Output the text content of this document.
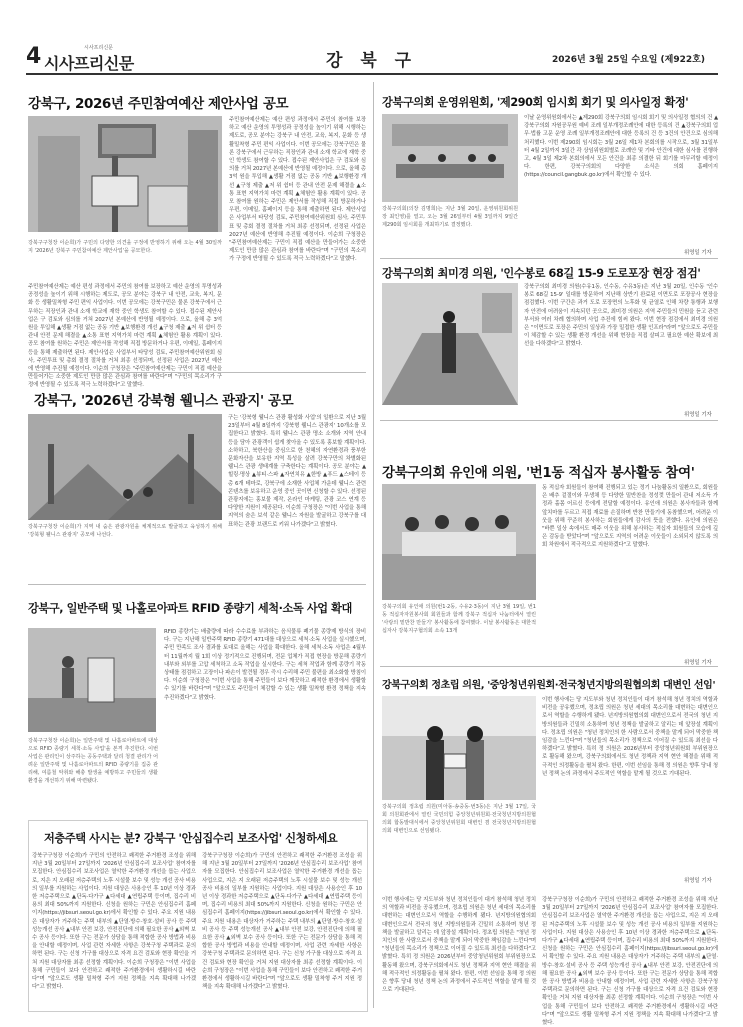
4	시사프리신문
시사프리신문	강 북 구	2026년 3월 25일 수요일 (제922호)
강북구, 2026년 주민참여예산 제안사업 공모
강북구구청장 이순희)가 구민의 다양한 의견을 구정에 반영하기 위해 오는 4월 30일까지 '2026년 강북구 주민참여예산 제안사업'을 공모한다.
주민참여예산제는 예산 편성 과정에서 주민의 참여를 보장하고 예산 운영의 투명성과 공정성을 높이기 위해 시행하는 제도로, 공모 분야는 강북구 내 안전, 교육, 복지, 문화 등 생활밀착형 주민 편익 사업이다. 이번 공모에는 강북구민은 물론 강북구에서 근무하는 직장인과 관내 소재 학교에 재학 중인 학생도 참여할 수 있다. 접수된 제안사업은 구 검토와 심의를 거쳐 2027년 본예산에 반영될 예정이다. 으로, 올해 총 3억 원을 투입해 ▲생활 거점 없는 공동 기반 ▲보행환경 개선 ▲구청 제출 ▲저 위 쉼터 등 관내 안전 문제 해결을 ▲소통 표현 지역가치 마련 계획 ▲체험안 활용 계획이 있다. 공모 참여를 원하는 주민은 제안서를 작성해 직접 방문하거나 우편, 이메일, 홈페이지 등을 통해 제출하면 된다. 제안사업은 사업부서 타당성 검토, 주민참여예산위원회 심사, 주민투표 및 총회 결정 절차를 거쳐 최종 선정되며, 선정된 사업은 2027년 예산에 반영해 추진될 예정이다. 이순희 구청장은 "주민참여예산제는 구민이 직접 예산을 만들어가는 소중한 제도인 만큼 많은 관심과 참여를 바란다"며 "구민의 목소리가 구정에 반영될 수 있도록 적극 노력하겠다"고 말했다.
주민참여예산제는 예산 편성 과정에서 주민의 참여를 보장하고 예산 운영의 투명성과 공정성을 높이기 위해 시행하는 제도로, 공모 분야는 강북구 내 안전, 교육, 복지, 문화 등 생활밀착형 주민 편익 사업이다. 이번 공모에는 강북구민은 물론 강북구에서 근무하는 직장인과 관내 소재 학교에 재학 중인 학생도 참여할 수 있다. 접수된 제안사업은 구 검토와 심의를 거쳐 2027년 본예산에 반영될 예정이다. 으로, 올해 총 3억 원을 투입해 ▲생활 거점 없는 공동 기반 ▲보행환경 개선 ▲구청 제출 ▲저 위 쉼터 등 관내 안전 문제 해결을 ▲소통 표현 지역가치 마련 계획 ▲체험안 활용 계획이 있다. 공모 참여를 원하는 주민은 제안서를 작성해 직접 방문하거나 우편, 이메일, 홈페이지 등을 통해 제출하면 된다. 제안사업은 사업부서 타당성 검토, 주민참여예산위원회 심사, 주민투표 및 총회 결정 절차를 거쳐 최종 선정되며, 선정된 사업은 2027년 예산에 반영해 추진될 예정이다. 이순희 구청장은 "주민참여예산제는 구민이 직접 예산을 만들어가는 소중한 제도인 만큼 많은 관심과 참여를 바란다"며 "구민의 목소리가 구정에 반영될 수 있도록 적극 노력하겠다"고 말했다.
강북구, '2026년 강북형 웰니스 관광지' 공모
강북구구청장 이순희)가 지역 내 숨은 관광자원을 체계적으로 발굴하고 육성하기 위해 '강북형 웰니스 관광지' 공모에 나선다.
구는 '강북형 웰니스 관광 활성화 사업'의 일환으로 지난 3월 23일부터 4월 8일까지 '강북형 웰니스 관광지' 10개소를 모집한다고 밝혔다. 특히 웰니스 관광 명소 소개와 지역 안내 등을 담아 관광객이 쉽게 찾아올 수 있도록 홍보할 계획이다. 소하하고, 북한산을 중심으로 한 천혜의 자연환경과 풍부한 문화자산을 보유한 지역 특성을 살려 강북구만의 차별화된 웰니스 관광 생태계를 구축한다는 계획이다. 공모 분야는 ▲힐링·명상 ▲뷰티·스파 ▲자연치유 ▲한방 ▲푸드 ▲스테이 등 총 6개 테마로, 강북구에 소재한 사업체 가운데 웰니스 관련 콘텐츠를 보유하고 운영 중인 곳이면 신청할 수 있다. 선정된 관광지에는 홍보물 제작, 온라인 마케팅, 관광 코스 연계 등 다양한 지원이 제공된다. 이순희 구청장은 "이번 사업을 통해 지역의 숨은 보석 같은 웰니스 자원을 발굴하고 강북구를 대표하는 관광 브랜드로 키워 나가겠다"고 밝혔다.
강북구, 일반주택 및 나홀로아파트 RFID 종량기 세척·소독 사업 확대
강북구구청장 이순희)는 일반주택 및 나홀로아파트에 대상으로 RFID 종량기 세척·소독 사업'을 본격 추진한다. 이번 사업은 관리인이 상주하는 공동주택과 달리 청결 관리가 어려운 일반주택 및 나홀로아파트의 RFID 종량기를 집중 관리해, 여름철 악취와 해충 발생을 예방하고 주민들의 생활 환경을 개선하기 위해 마련됐다.
RFID 종량기는 배출량에 따라 수수료를 부과하는 음식물류 폐기물 종량제 방식의 장비다. 구는 지난해 일반주택 RFID 종량기 471대를 대상으로 세척·소독 사업을 실시했으며, 주민 만족도 조사 결과를 토대로 올해는 사업을 확대한다. 올해 세척·소독 사업은 4월부터 11월까지 월 1회 이상 정기적으로 진행되며, 전문 업체가 직접 현장을 방문해 종량기 내부와 외부를 고압 세척하고 소독 작업을 실시한다. 구는 세척 작업과 함께 종량기 작동 상태를 점검하고 고장이나 파손이 발견될 경우 즉시 수리해 주민 불편을 최소화할 방침이다. 이순희 구청장은 "이번 사업을 통해 주민들이 보다 깨끗하고 쾌적한 환경에서 생활할 수 있기를 바란다"며 "앞으로도 주민들이 체감할 수 있는 생활 밀착형 환경 정책을 지속 추진하겠다"고 밝혔다.
저층주택 사시는 분? 강북구 '안심집수리 보조사업' 신청하세요
강북구구청장 이순희)가 구민의 안전하고 쾌적한 주거환경 조성을 위해 지난 3월 20일부터 27일까지 '2026년 안심집수리 보조사업' 참여자를 모집한다. 안심집수리 보조사업은 열악한 주거환경 개선을 돕는 사업으로, 지은 지 오래된 저층주택의 노후 시설물 보수 및 성능 개선 공사 비용의 일부를 지원하는 사업이다. 지원 대상은 사용승인 후 10년 이상 경과한 저층주택으로 ▲단독·다가구 ▲다세대 ▲연립주택 등이며, 집수리 비용의 최대 50%까지 지원한다. 신청을 원하는 구민은 안심집수리 홈페이지(https://jibsuri.seoul.go.kr)에서 확인할 수 있다. 주요 지원 내용은 대상자가 거주하는 주택 내부의 ▲단열·방수·창호·설비 공사 등 주택 성능개선 공사 ▲내부 안전 보강, 안전진단에 의해 필요한 공사 ▲외벽 보수 공사 등이다. 또한 구는 전문가 상담을 통해 적합한 공사 방법과 비용을 안내할 예정이며, 사업 관련 자세한 사항은 강북구청 주택과로 문의하면 된다. 구는 신청 가구를 대상으로 자격 요건 검토와 현장 확인을 거쳐 지원 대상자를 최종 선정할 계획이다. 이순희 구청장은 "이번 사업을 통해 구민들이 보다 안전하고 쾌적한 주거환경에서 생활하시길 바란다"며 "앞으로도 생활 밀착형 주거 지원 정책을 지속 확대해 나가겠다"고 밝혔다.
강북구구청장 이순희)가 구민의 안전하고 쾌적한 주거환경 조성을 위해 지난 3월 20일부터 27일까지 '2026년 안심집수리 보조사업' 참여자를 모집한다. 안심집수리 보조사업은 열악한 주거환경 개선을 돕는 사업으로, 지은 지 오래된 저층주택의 노후 시설물 보수 및 성능 개선 공사 비용의 일부를 지원하는 사업이다. 지원 대상은 사용승인 후 10년 이상 경과한 저층주택으로 ▲단독·다가구 ▲다세대 ▲연립주택 등이며, 집수리 비용의 최대 50%까지 지원한다. 신청을 원하는 구민은 안심집수리 홈페이지(https://jibsuri.seoul.go.kr)에서 확인할 수 있다. 주요 지원 내용은 대상자가 거주하는 주택 내부의 ▲단열·방수·창호·설비 공사 등 주택 성능개선 공사 ▲내부 안전 보강, 안전진단에 의해 필요한 공사 ▲외벽 보수 공사 등이다. 또한 구는 전문가 상담을 통해 적합한 공사 방법과 비용을 안내할 예정이며, 사업 관련 자세한 사항은 강북구청 주택과로 문의하면 된다. 구는 신청 가구를 대상으로 자격 요건 검토와 현장 확인을 거쳐 지원 대상자를 최종 선정할 계획이다. 이순희 구청장은 "이번 사업을 통해 구민들이 보다 안전하고 쾌적한 주거환경에서 생활하시길 바란다"며 "앞으로도 생활 밀착형 주거 지원 정책을 지속 확대해 나가겠다"고 밝혔다.
강북구의회 운영위원회, '제290회 임시회 회기 및 의사일정 확정'
강북구의회(의장 김명희)는 지난 3월 20일, 운영위원회위원장 최인영)를 열고, 오는 3월 26일부터 4월 3일까지 9일간 제290회 임시회를 개최하기로 결정했다.
이날 운영위원회에서는 ▲제290회 강북구의회 임시회 회기 및 의사일정 협의의 건 ▲강북구의회 자원공무원 예비 조례 일부개정조례안에 대한 등록의 건 ▲강북구의회 업무·법률 고문 운영 조례 일부개정조례안에 대한 등록의 건 등 3건의 안건으로 심의해 처리했다. 이번 제290회 임시회는 3월 26일 제1차 본회의를 시작으로, 3월 31일부터 4월 2일까지 3일간 각 상임위원회별로 조례안 및 기타 안건에 대한 심사를 진행하고, 4월 3일 제2차 본회의에서 모든 안건을 최종 의결한 뒤 회기를 마무리할 예정이다. 한편, 강북구의회의 다양한 소식은 의회 홈페이지(https://council.gangbuk.go.kr)에서 확인할 수 있다.
위영일 기자
강북구의회 최미경 의원, '인수봉로 68길 15-9 도로포장 현장 점검'
강북구의회 최미경 의원(수유1동, 인수동, 수유3동)은 지난 3월 20일, 인수동 '인수봉로 68길 15-9' 일대를 방문하여 지난해 상반기 완료된 이면도로 포장공사 현장을 점검했다. 이번 구간은 과거 도로 포장면의 노후화 및 균열로 인해 차량 통행과 보행자 안전에 어려움이 지속되던 곳으로, 최미경 의원은 지역 주민들의 민원을 듣고 관련 부서와 여러 차례 협의하며 사업 추진에 힘써 왔다. 이번 현장 점검에서 최미경 의원은 "이면도로 포장은 주민의 일상과 가장 밀접한 생활 인프라"라며 "앞으로도 주민들이 체감할 수 있는 생활 환경 개선을 위해 현장을 직접 살피고 필요한 예산 확보에 최선을 다하겠다"고 밝혔다.
위영일 기자
강북구의회 유인애 의원, '번1동 적십자 봉사활동 참여'
강북구의회 유인애 의원(번1·2동, 수유2·3동)이 지난 3월 19일, 번1동 적십자자원봉사회 회원들과 함께 강북구 적십자 나눔터에서 열린 '사랑의 밑반찬 만들기' 봉사활동에 참여했다. 이날 봉사활동은 대한적십자사 강북지구협의회 소속 13개
동 적십자 회원들이 참여해 진행되고 있는 정기 나눔활동의 일환으로, 회원들은 배추 겉절이와 무생채 등 다양한 밑반찬을 정성껏 만들어 관내 저소득 가정과 홀몸 어르신 등에게 전달할 예정이다. 유인애 의원은 봉사자들과 함께 앞치마를 두르고 직접 재료를 손질하며 반찬 만들기에 동참했으며, 어려운 이웃을 위해 꾸준히 봉사하는 회원들에게 감사의 뜻을 전했다. 유인애 의원은 "바쁜 일상 속에서도 매주 이웃을 위해 봉사하는 적십자 회원들의 모습에 깊은 감동을 받았다"며 "앞으로도 지역의 어려운 이웃들이 소외되지 않도록 의회 차원에서 적극적으로 지원하겠다"고 말했다.
위영일 기자
강북구의회 정초립 의원, '중앙청년위원회·전국청년지방의원협의회 대변인 선임'
강북구의회 정초립 의원(미아동·송중동·번3동)은 지난 3월 17일, 국회 의원회관에서 열린 국민의힘 중앙청년위원회·전국청년지방의원협의회 합동발대식에서 중앙청년위원회 대변인 겸 전국청년지방의원협의회 대변인으로 선임됐다.
이번 행사에는 당 지도부와 청년 정치인들이 대거 참석해 청년 정치의 역할과 비전을 공유했으며, 정초립 의원은 청년 세대의 목소리를 대변하는 대변인으로서 역할을 수행하게 됐다. 년지방의원협의회 대변인으로서 전국의 청년 지방의원들과 긴밀히 소통하며 청년 정책을 발굴하고 알리는 데 앞장설 계획이다. 정초립 의원은 "청년 정치인의 한 사람으로서 중책을 맡게 되어 막중한 책임감을 느낀다"며 "청년들의 목소리가 정책으로 이어질 수 있도록 최선을 다하겠다"고 밝혔다. 특히 정 의원은 2026년부터 중앙청년위원회 부위원장으로 활동해 왔으며, 강북구의회에서도 청년 정책과 지역 현안 해결을 위해 적극적인 의정활동을 펼쳐 왔다. 한편, 이번 선임을 통해 정 의원은 향후 당내 청년 정책 논의 과정에서 주도적인 역할을 맡게 될 것으로 기대된다.
위영일 기자
이번 행사에는 당 지도부와 청년 정치인들이 대거 참석해 청년 정치의 역할과 비전을 공유했으며, 정초립 의원은 청년 세대의 목소리를 대변하는 대변인으로서 역할을 수행하게 됐다. 년지방의원협의회 대변인으로서 전국의 청년 지방의원들과 긴밀히 소통하며 청년 정책을 발굴하고 알리는 데 앞장설 계획이다. 정초립 의원은 "청년 정치인의 한 사람으로서 중책을 맡게 되어 막중한 책임감을 느낀다"며 "청년들의 목소리가 정책으로 이어질 수 있도록 최선을 다하겠다"고 밝혔다. 특히 정 의원은 2026년부터 중앙청년위원회 부위원장으로 활동해 왔으며, 강북구의회에서도 청년 정책과 지역 현안 해결을 위해 적극적인 의정활동을 펼쳐 왔다. 한편, 이번 선임을 통해 정 의원은 향후 당내 청년 정책 논의 과정에서 주도적인 역할을 맡게 될 것으로 기대된다.
강북구구청장 이순희)가 구민의 안전하고 쾌적한 주거환경 조성을 위해 지난 3월 20일부터 27일까지 '2026년 안심집수리 보조사업' 참여자를 모집한다. 안심집수리 보조사업은 열악한 주거환경 개선을 돕는 사업으로, 지은 지 오래된 저층주택의 노후 시설물 보수 및 성능 개선 공사 비용의 일부를 지원하는 사업이다. 지원 대상은 사용승인 후 10년 이상 경과한 저층주택으로 ▲단독·다가구 ▲다세대 ▲연립주택 등이며, 집수리 비용의 최대 50%까지 지원한다. 신청을 원하는 구민은 안심집수리 홈페이지(https://jibsuri.seoul.go.kr)에서 확인할 수 있다. 주요 지원 내용은 대상자가 거주하는 주택 내부의 ▲단열·방수·창호·설비 공사 등 주택 성능개선 공사 ▲내부 안전 보강, 안전진단에 의해 필요한 공사 ▲외벽 보수 공사 등이다. 또한 구는 전문가 상담을 통해 적합한 공사 방법과 비용을 안내할 예정이며, 사업 관련 자세한 사항은 강북구청 주택과로 문의하면 된다. 구는 신청 가구를 대상으로 자격 요건 검토와 현장 확인을 거쳐 지원 대상자를 최종 선정할 계획이다. 이순희 구청장은 "이번 사업을 통해 구민들이 보다 안전하고 쾌적한 주거환경에서 생활하시길 바란다"며 "앞으로도 생활 밀착형 주거 지원 정책을 지속 확대해 나가겠다"고 밝혔다.
